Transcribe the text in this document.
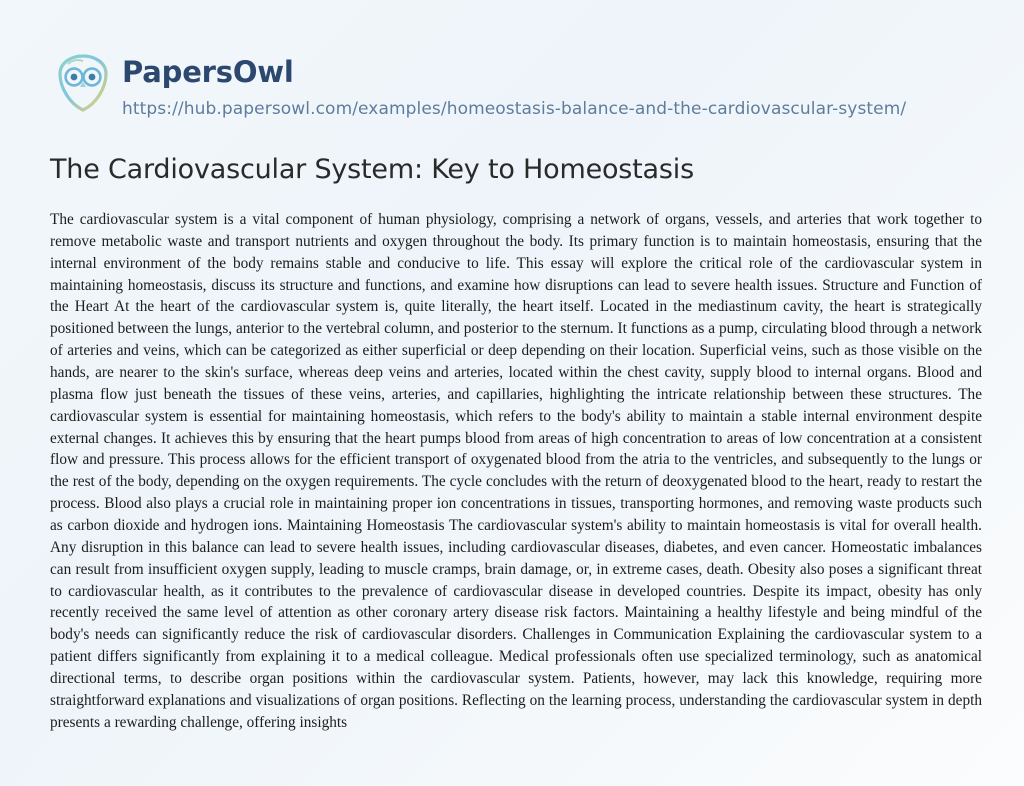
PapersOwl
https://hub.papersowl.com/examples/homeostasis-balance-and-the-cardiovascular-system/
The Cardiovascular System: Key to Homeostasis

The cardiovascular system is a vital component of human physiology, comprising a network of organs, vessels, and arteries that work together to remove metabolic waste and transport nutrients and oxygen throughout the body. Its primary function is to maintain homeostasis, ensuring that the internal environment of the body remains stable and conducive to life. This essay will explore the critical role of the cardiovascular system in maintaining homeostasis, discuss its structure and functions, and examine how disruptions can lead to severe health issues. Structure and Function of the Heart At the heart of the cardiovascular system is, quite literally, the heart itself. Located in the mediastinum cavity, the heart is strategically positioned between the lungs, anterior to the vertebral column, and posterior to the sternum. It functions as a pump, circulating blood through a network of arteries and veins, which can be categorized as either superficial or deep depending on their location. Superficial veins, such as those visible on the hands, are nearer to the skin's surface, whereas deep veins and arteries, located within the chest cavity, supply blood to internal organs. Blood and plasma flow just beneath the tissues of these veins, arteries, and capillaries, highlighting the intricate relationship between these structures. The cardiovascular system is essential for maintaining homeostasis, which refers to the body's ability to maintain a stable internal environment despite external changes. It achieves this by ensuring that the heart pumps blood from areas of high concentration to areas of low concentration at a consistent flow and pressure. This process allows for the efficient transport of oxygenated blood from the atria to the ventricles, and subsequently to the lungs or the rest of the body, depending on the oxygen requirements. The cycle concludes with the return of deoxygenated blood to the heart, ready to restart the process. Blood also plays a crucial role in maintaining proper ion concentrations in tissues, transporting hormones, and removing waste products such as carbon dioxide and hydrogen ions. Maintaining Homeostasis The cardiovascular system's ability to maintain homeostasis is vital for overall health. Any disruption in this balance can lead to severe health issues, including cardiovascular diseases, diabetes, and even cancer. Homeostatic imbalances can result from insufficient oxygen supply, leading to muscle cramps, brain damage, or, in extreme cases, death. Obesity also poses a significant threat to cardiovascular health, as it contributes to the prevalence of cardiovascular disease in developed countries. Despite its impact, obesity has only recently received the same level of attention as other coronary artery disease risk factors. Maintaining a healthy lifestyle and being mindful of the body's needs can significantly reduce the risk of cardiovascular disorders. Challenges in Communication Explaining the cardiovascular system to a patient differs significantly from explaining it to a medical colleague. Medical professionals often use specialized terminology, such as anatomical directional terms, to describe organ positions within the cardiovascular system. Patients, however, may lack this knowledge, requiring more straightforward explanations and visualizations of organ positions. Reflecting on the learning process, understanding the cardiovascular system in depth presents a rewarding challenge, offering insights
